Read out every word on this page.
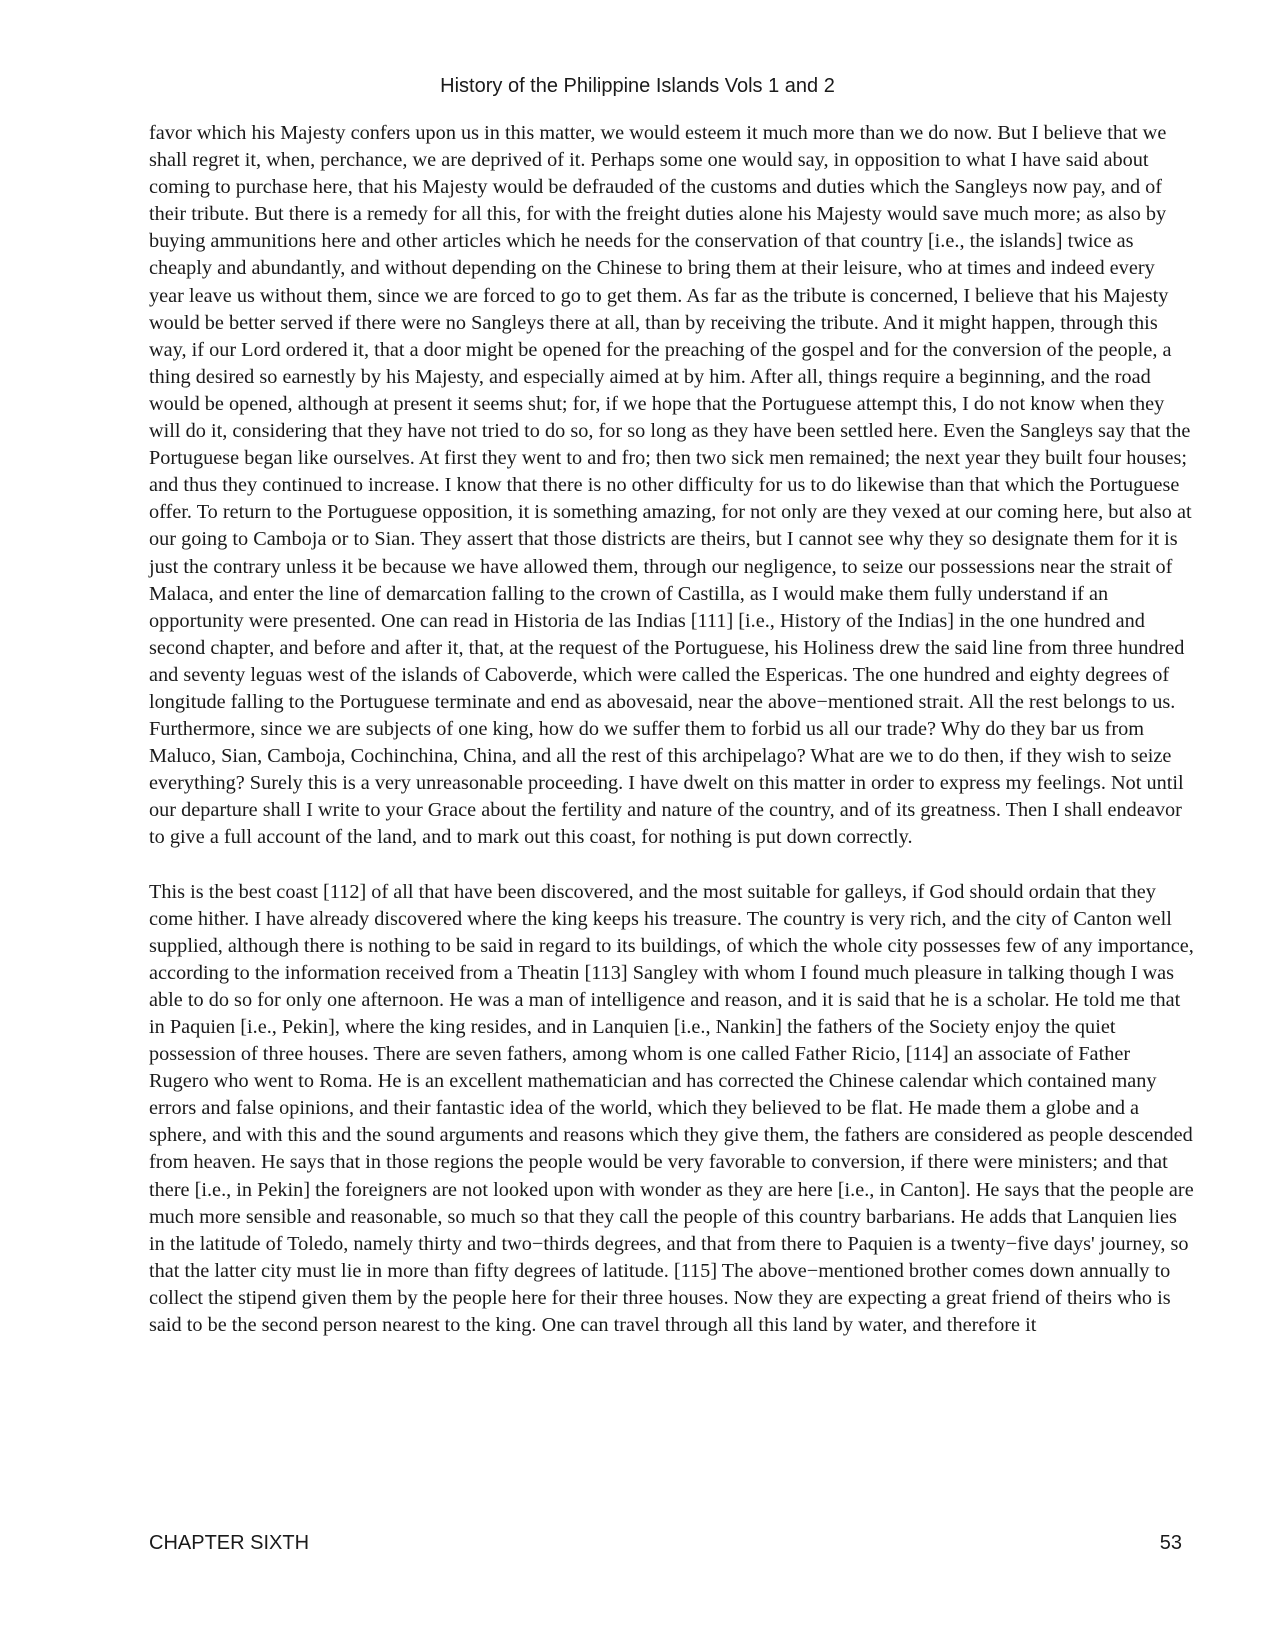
History of the Philippine Islands Vols 1 and 2

favor which his Majesty confers upon us in this matter, we would esteem it much more than we do now. But I believe that we shall regret it, when, perchance, we are deprived of it. Perhaps some one would say, in opposition to what I have said about coming to purchase here, that his Majesty would be defrauded of the customs and duties which the Sangleys now pay, and of their tribute. But there is a remedy for all this, for with the freight duties alone his Majesty would save much more; as also by buying ammunitions here and other articles which he needs for the conservation of that country [i.e., the islands] twice as cheaply and abundantly, and without depending on the Chinese to bring them at their leisure, who at times and indeed every year leave us without them, since we are forced to go to get them. As far as the tribute is concerned, I believe that his Majesty would be better served if there were no Sangleys there at all, than by receiving the tribute. And it might happen, through this way, if our Lord ordered it, that a door might be opened for the preaching of the gospel and for the conversion of the people, a thing desired so earnestly by his Majesty, and especially aimed at by him. After all, things require a beginning, and the road would be opened, although at present it seems shut; for, if we hope that the Portuguese attempt this, I do not know when they will do it, considering that they have not tried to do so, for so long as they have been settled here. Even the Sangleys say that the Portuguese began like ourselves. At first they went to and fro; then two sick men remained; the next year they built four houses; and thus they continued to increase. I know that there is no other difficulty for us to do likewise than that which the Portuguese offer. To return to the Portuguese opposition, it is something amazing, for not only are they vexed at our coming here, but also at our going to Camboja or to Sian. They assert that those districts are theirs, but I cannot see why they so designate them for it is just the contrary unless it be because we have allowed them, through our negligence, to seize our possessions near the strait of Malaca, and enter the line of demarcation falling to the crown of Castilla, as I would make them fully understand if an opportunity were presented. One can read in Historia de las Indias [111] [i.e., History of the Indias] in the one hundred and second chapter, and before and after it, that, at the request of the Portuguese, his Holiness drew the said line from three hundred and seventy leguas west of the islands of Caboverde, which were called the Espericas. The one hundred and eighty degrees of longitude falling to the Portuguese terminate and end as abovesaid, near the above−mentioned strait. All the rest belongs to us. Furthermore, since we are subjects of one king, how do we suffer them to forbid us all our trade? Why do they bar us from Maluco, Sian, Camboja, Cochinchina, China, and all the rest of this archipelago? What are we to do then, if they wish to seize everything? Surely this is a very unreasonable proceeding. I have dwelt on this matter in order to express my feelings. Not until our departure shall I write to your Grace about the fertility and nature of the country, and of its greatness. Then I shall endeavor to give a full account of the land, and to mark out this coast, for nothing is put down correctly.

This is the best coast [112] of all that have been discovered, and the most suitable for galleys, if God should ordain that they come hither. I have already discovered where the king keeps his treasure. The country is very rich, and the city of Canton well supplied, although there is nothing to be said in regard to its buildings, of which the whole city possesses few of any importance, according to the information received from a Theatin [113] Sangley with whom I found much pleasure in talking though I was able to do so for only one afternoon. He was a man of intelligence and reason, and it is said that he is a scholar. He told me that in Paquien [i.e., Pekin], where the king resides, and in Lanquien [i.e., Nankin] the fathers of the Society enjoy the quiet possession of three houses. There are seven fathers, among whom is one called Father Ricio, [114] an associate of Father Rugero who went to Roma. He is an excellent mathematician and has corrected the Chinese calendar which contained many errors and false opinions, and their fantastic idea of the world, which they believed to be flat. He made them a globe and a sphere, and with this and the sound arguments and reasons which they give them, the fathers are considered as people descended from heaven. He says that in those regions the people would be very favorable to conversion, if there were ministers; and that there [i.e., in Pekin] the foreigners are not looked upon with wonder as they are here [i.e., in Canton]. He says that the people are much more sensible and reasonable, so much so that they call the people of this country barbarians. He adds that Lanquien lies in the latitude of Toledo, namely thirty and two−thirds degrees, and that from there to Paquien is a twenty−five days' journey, so that the latter city must lie in more than fifty degrees of latitude. [115] The above−mentioned brother comes down annually to collect the stipend given them by the people here for their three houses. Now they are expecting a great friend of theirs who is said to be the second person nearest to the king. One can travel through all this land by water, and therefore it

CHAPTER SIXTH	53
